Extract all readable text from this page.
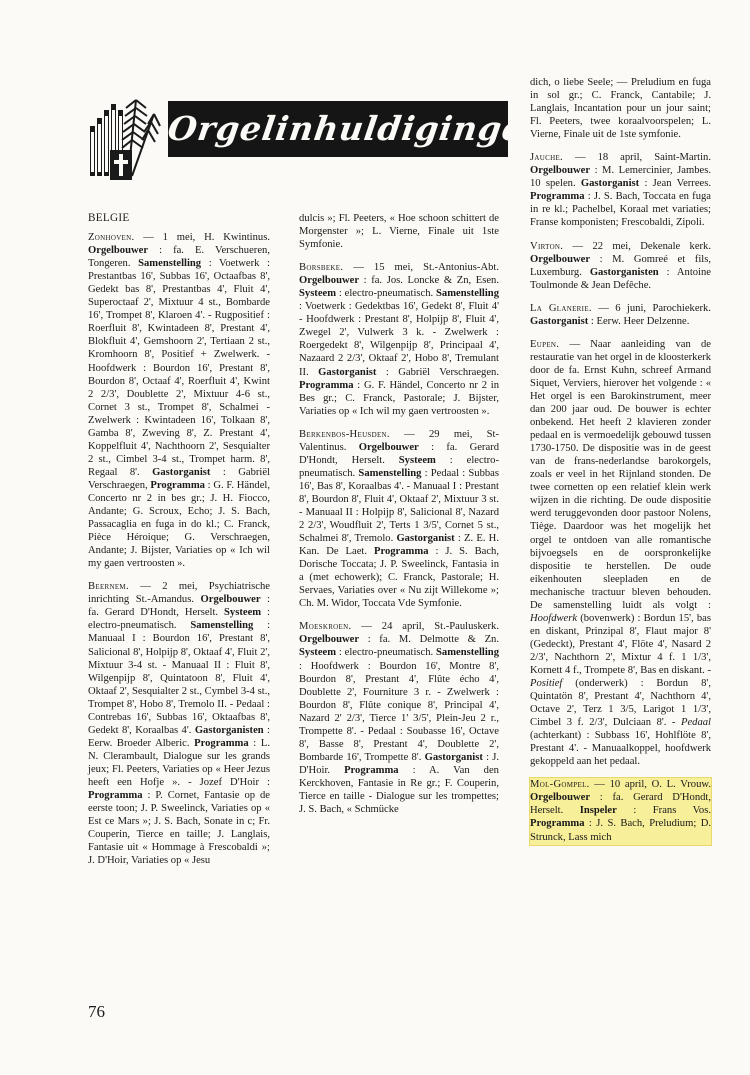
Orgelinhuldigingen
BELGIE

Zonhoven. — 1 mei, H. Kwintinus. Orgelbouwer : fa. E. Verschueren, Tongeren. Samenstelling : Voetwerk : Prestantbas 16', Subbas 16', Octaafbas 8', Gedekt bas 8', Prestantbas 4', Fluit 4', Superoctaaf 2', Mixtuur 4 st., Bombarde 16', Trompet 8', Klaroen 4'. - Rugpositief : Roerfluit 8', Kwintadeen 8', Prestant 4', Blokfluit 4', Gemshoorn 2', Tertiaan 2 st., Kromhoorn 8', Positief + Zwelwerk. - Hoofdwerk : Bourdon 16', Prestant 8', Bourdon 8', Octaaf 4', Roerfluit 4', Kwint 2 2/3', Doublette 2', Mixtuur 4-6 st., Cornet 3 st., Trompet 8', Schalmei - Zwelwerk : Kwintadeen 16', Tolkaan 8', Gamba 8', Zweving 8', Z. Prestant 4', Koppelfluit 4', Nachthoorn 2', Sesquialter 2 st., Cimbel 3-4 st., Trompet harm. 8', Regaal 8'. Gastorganist : Gabriël Verschraegen, Programma : G. F. Händel, Concerto nr 2 in bes gr.; J. H. Fiocco, Andante; G. Scroux, Echo; J. S. Bach, Passacaglia en fuga in do kl.; C. Franck, Pièce Héroique; G. Verschraegen, Andante; J. Bijster, Variaties op « Ich wil my gaen vertroosten ».

Beernem. — 2 mei, Psychiatrische inrichting St.-Amandus. Orgelbouwer : fa. Gerard D'Hondt, Herselt. Systeem : electro-pneumatisch. Samenstelling : Manuaal I : Bourdon 16', Prestant 8', Salicional 8', Holpijp 8', Oktaaf 4', Fluit 2', Mixtuur 3-4 st. - Manuaal II : Fluit 8', Wilgenpijp 8', Quintatoon 8', Fluit 4', Oktaaf 2', Sesquialter 2 st., Cymbel 3-4 st., Trompet 8', Hobo 8', Tremolo II. - Pedaal : Contrebas 16', Subbas 16', Oktaafbas 8', Gedekt 8', Koraalbas 4'. Gastorganisten : Eerw. Broeder Alberic. Programma : L. N. Clerambault, Dialogue sur les grands jeux; Fl. Peeters, Variaties op « Heer Jezus heeft een Hofje ». - Jozef D'Hoir : Programma : P. Cornet, Fantasie op de eerste toon; J. P. Sweelinck, Variaties op « Est ce Mars »; J. S. Bach, Sonate in c; Fr. Couperin, Tierce en taille; J. Langlais, Fantasie uit « Hommage à Frescobaldi »; J. D'Hoir, Variaties op « Jesu

dulcis »; Fl. Peeters, « Hoe schoon schittert de Morgenster »; L. Vierne, Finale uit 1ste Symfonie.

Borsbeke. — 15 mei, St.-Antonius-Abt. Orgelbouwer : fa. Jos. Loncke & Zn, Esen. Systeem : electro-pneumatisch. Samenstelling : Voetwerk : Gedektbas 16', Gedekt 8', Fluit 4' - Hoofdwerk : Prestant 8', Holpijp 8', Fluit 4', Zwegel 2', Vulwerk 3 k. - Zwelwerk : Roergedekt 8', Wilgenpijp 8', Principaal 4', Nazaard 2 2/3', Oktaaf 2', Hobo 8', Tremulant II. Gastorganist : Gabriël Verschraegen. Programma : G. F. Händel, Concerto nr 2 in Bes gr.; C. Franck, Pastorale; J. Bijster, Variaties op « Ich wil my gaen vertroosten ».

Berkenbos-Heusden. — 29 mei, St-Valentinus. Orgelbouwer : fa. Gerard D'Hondt, Herselt. Systeem : electro-pneumatisch. Samenstelling : Pedaal : Subbas 16', Bas 8', Koraalbas 4'. - Manuaal I : Prestant 8', Bourdon 8', Fluit 4', Oktaaf 2', Mixtuur 3 st. - Manuaal II : Holpijp 8', Salicional 8', Nazard 2 2/3', Woudfluit 2', Terts 1 3/5', Cornet 5 st., Schalmei 8', Tremolo. Gastorganist : Z. E. H. Kan. De Laet. Programma : J. S. Bach, Dorische Toccata; J. P. Sweelinck, Fantasia in a (met echowerk); C. Franck, Pastorale; H. Servaes, Variaties over « Nu zijt Willekome »; Ch. M. Widor, Toccata Vde Symfonie.

Moeskroen. — 24 april, St.-Pauluskerk. Orgelbouwer : fa. M. Delmotte & Zn. Systeem : electro-pneumatisch. Samenstelling : Hoofdwerk : Bourdon 16', Montre 8', Bourdon 8', Prestant 4', Flûte écho 4', Doublette 2', Fourniture 3 r. - Zwelwerk : Bourdon 8', Flûte conique 8', Principal 4', Nazard 2' 2/3', Tierce 1' 3/5', Plein-Jeu 2 r., Trompette 8'. - Pedaal : Soubasse 16', Octave 8', Basse 8', Prestant 4', Doublette 2', Bombarde 16', Trompette 8'. Gastorganist : J. D'Hoir. Programma : A. Van den Kerckhoven, Fantasie in Re gr.; F. Couperin, Tierce en taille - Dialogue sur les trompettes; J. S. Bach, « Schmücke

dich, o liebe Seele; — Preludium en fuga in sol gr.; C. Franck, Cantabile; J. Langlais, Incantation pour un jour saint; Fl. Peeters, twee koraalvoorspelen; L. Vierne, Finale uit de 1ste symfonie.

Jauche. — 18 april, Saint-Martin. Orgelbouwer : M. Lemercinier, Jambes. 10 spelen. Gastorganist : Jean Verrees. Programma : J. S. Bach, Toccata en fuga in re kl.; Pachelbel, Koraal met variaties; Franse komponisten; Frescobaldi, Zipoli.

Virton. — 22 mei, Dekenale kerk. Orgelbouwer : M. Gomreé et fils, Luxemburg. Gastorganisten : Antoine Toulmonde & Jean Defêche.

La Glanerie. — 6 juni, Parochiekerk. Gastorganist : Eerw. Heer Delzenne.

Eupen. — Naar aanleiding van de restauratie van het orgel in de kloosterkerk door de fa. Ernst Kuhn, schreef Armand Siquet, Verviers, hierover het volgende : « Het orgel is een Barokinstrument, meer dan 200 jaar oud. De bouwer is echter onbekend. Het heeft 2 klavieren zonder pedaal en is vermoedelijk gebouwd tussen 1730-1750. De dispositie was in de geest van de frans-nederlandse barokorgels, zoals er veel in het Rijnland stonden. De twee cornetten op een relatief klein werk wijzen in die richting. De oude dispositie werd teruggevonden door pastoor Nolens, Tiège. Daardoor was het mogelijk het orgel te ontdoen van alle romantische bijvoegsels en de oorspronkelijke dispositie te herstellen. De oude eikenhouten sleepladen en de mechanische tractuur bleven behouden. De samenstelling luidt als volgt : Hoofdwerk (bovenwerk) : Bordun 15', bas en diskant, Prinzipal 8', Flaut major 8' (Gedeckt), Prestant 4', Flöte 4', Nasard 2 2/3', Nachthorn 2', Mixtur 4 f. 1 1/3', Kornett 4 f., Trompete 8', Bas en diskant. - Positief (onderwerk) : Bordun 8', Quintatön 8', Prestant 4', Nachthorn 4', Octave 2', Terz 1 3/5, Larigot 1 1/3', Cimbel 3 f. 2/3', Dulciaan 8'. - Pedaal (achterkant) : Subbass 16', Hohlflöte 8', Prestant 4'. - Manuaalkoppel, hoofdwerk gekoppeld aan het pedaal.

Mol-Gompel. — 10 april, O. L. Vrouw. Orgelbouwer : fa. Gerard D'Hondt, Herselt. Inspeler : Frans Vos. Programma : J. S. Bach, Preludium; D. Strunck, Lass mich

76
